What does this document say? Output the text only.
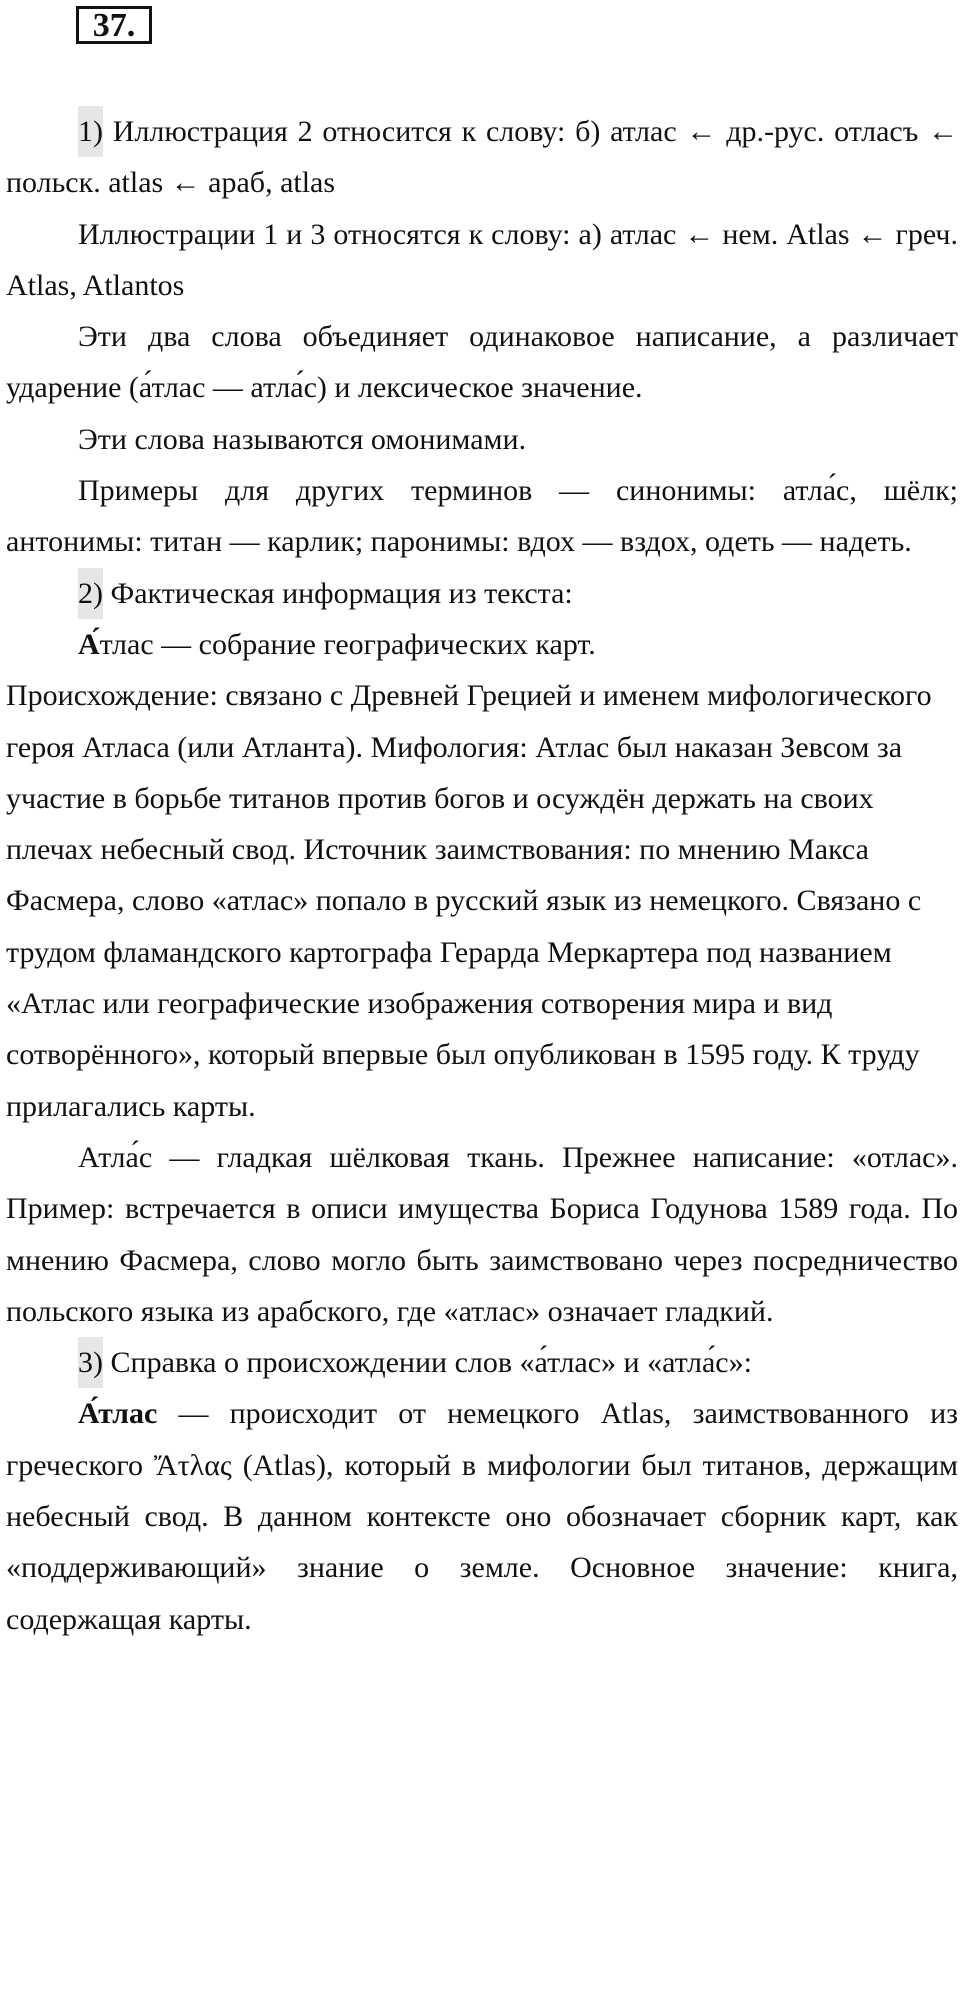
37.

1) Иллюстрация 2 относится к слову: б) атлас ← др.-рус. отласъ ← польск. atlas ← араб, atlas

Иллюстрации 1 и 3 относятся к слову: а) атлас ← нем. Atlas ← греч. Atlas, Atlantos

Эти два слова объединяет одинаковое написание, а различает ударение (а́тлас — атла́с) и лексическое значение.

Эти слова называются омонимами.

Примеры для других терминов — синонимы: атла́с, шёлк; антонимы: титан — карлик; паронимы: вдох — вздох, одеть — надеть.

2) Фактическая информация из текста:

А́тлас — собрание географических карт.

Происхождение: связано с Древней Грецией и именем мифологического героя Атласа (или Атланта). Мифология: Атлас был наказан Зевсом за участие в борьбе титанов против богов и осуждён держать на своих плечах небесный свод. Источник заимствования: по мнению Макса Фасмера, слово «атлас» попало в русский язык из немецкого. Связано с трудом фламандского картографа Герарда Меркартера под названием «Атлас или географические изображения сотворения мира и вид сотворённого», который впервые был опубликован в 1595 году. К труду прилагались карты.

Атла́с — гладкая шёлковая ткань. Прежнее написание: «отлас». Пример: встречается в описи имущества Бориса Годунова 1589 года. По мнению Фасмера, слово могло быть заимствовано через посредничество польского языка из арабского, где «атлас» означает гладкий.

3) Справка о происхождении слов «а́тлас» и «атла́с»:

А́тлас — происходит от немецкого Atlas, заимствованного из греческого Ἄτλας (Atlas), который в мифологии был титанов, держащим небесный свод. В данном контексте оно обозначает сборник карт, как «поддерживающий» знание о земле. Основное значение: книга, содержащая карты.
